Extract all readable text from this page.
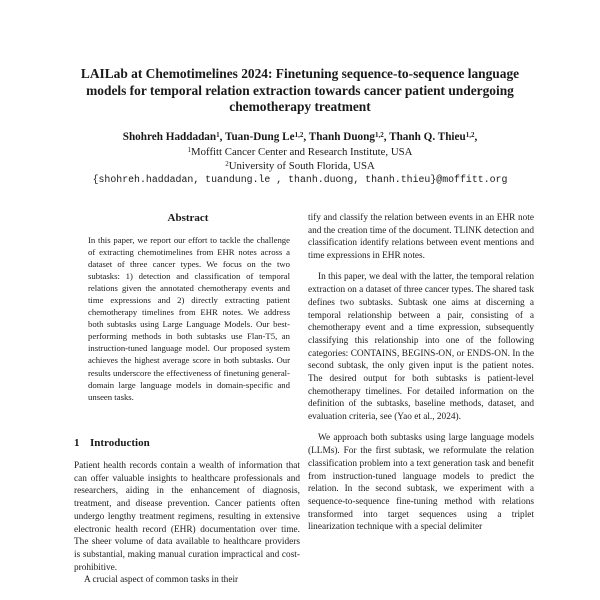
LAILab at Chemotimelines 2024: Finetuning sequence-to-sequence language models for temporal relation extraction towards cancer patient undergoing chemotherapy treatment
Shohreh Haddadan$^1$, Tuan-Dung Le$^{1,2}$, Thanh Duong$^{1,2}$, Thanh Q. Thieu$^{1,2}$,
$^1$Moffitt Cancer Center and Research Institute, USA
$^2$University of South Florida, USA
{shohreh.haddadan, tuandung.le , thanh.duong, thanh.thieu}@moffitt.org
Abstract

In this paper, we report our effort to tackle the challenge of extracting chemotimelines from EHR notes across a dataset of three cancer types. We focus on the two subtasks: 1) detection and classification of temporal relations given the annotated chemotherapy events and time expressions and 2) directly extracting patient chemotherapy timelines from EHR notes. We address both subtasks using Large Language Models. Our best-performing methods in both subtasks use Flan-T5, an instruction-tuned language model. Our proposed system achieves the highest average score in both subtasks. Our results underscore the effectiveness of finetuning general-domain large language models in domain-specific and unseen tasks.

1 Introduction

Patient health records contain a wealth of information that can offer valuable insights to healthcare professionals and researchers, aiding in the enhancement of diagnosis, treatment, and disease prevention. Cancer patients often undergo lengthy treatment regimens, resulting in extensive electronic health record (EHR) documentation over time. The sheer volume of data available to healthcare providers is substantial, making manual curation impractical and cost-prohibitive.

A crucial aspect of common tasks in their

tify and classify the relation between events in an EHR note and the creation time of the document. TLINK detection and classification identify relations between event mentions and time expressions in EHR notes.

In this paper, we deal with the latter, the temporal relation extraction on a dataset of three cancer types. The shared task defines two subtasks. Subtask one aims at discerning a temporal relationship between a pair, consisting of a chemotherapy event and a time expression, subsequently classifying this relationship into one of the following categories: CONTAINS, BEGINS-ON, or ENDS-ON. In the second subtask, the only given input is the patient notes. The desired output for both subtasks is patient-level chemotherapy timelines. For detailed information on the definition of the subtasks, baseline methods, dataset, and evaluation criteria, see (Yao et al., 2024).

We approach both subtasks using large language models (LLMs). For the first subtask, we reformulate the relation classification problem into a text generation task and benefit from instruction-tuned language models to predict the relation. In the second subtask, we experiment with a sequence-to-sequence fine-tuning method with relations transformed into target sequences using a triplet linearization technique with a special delimiter
